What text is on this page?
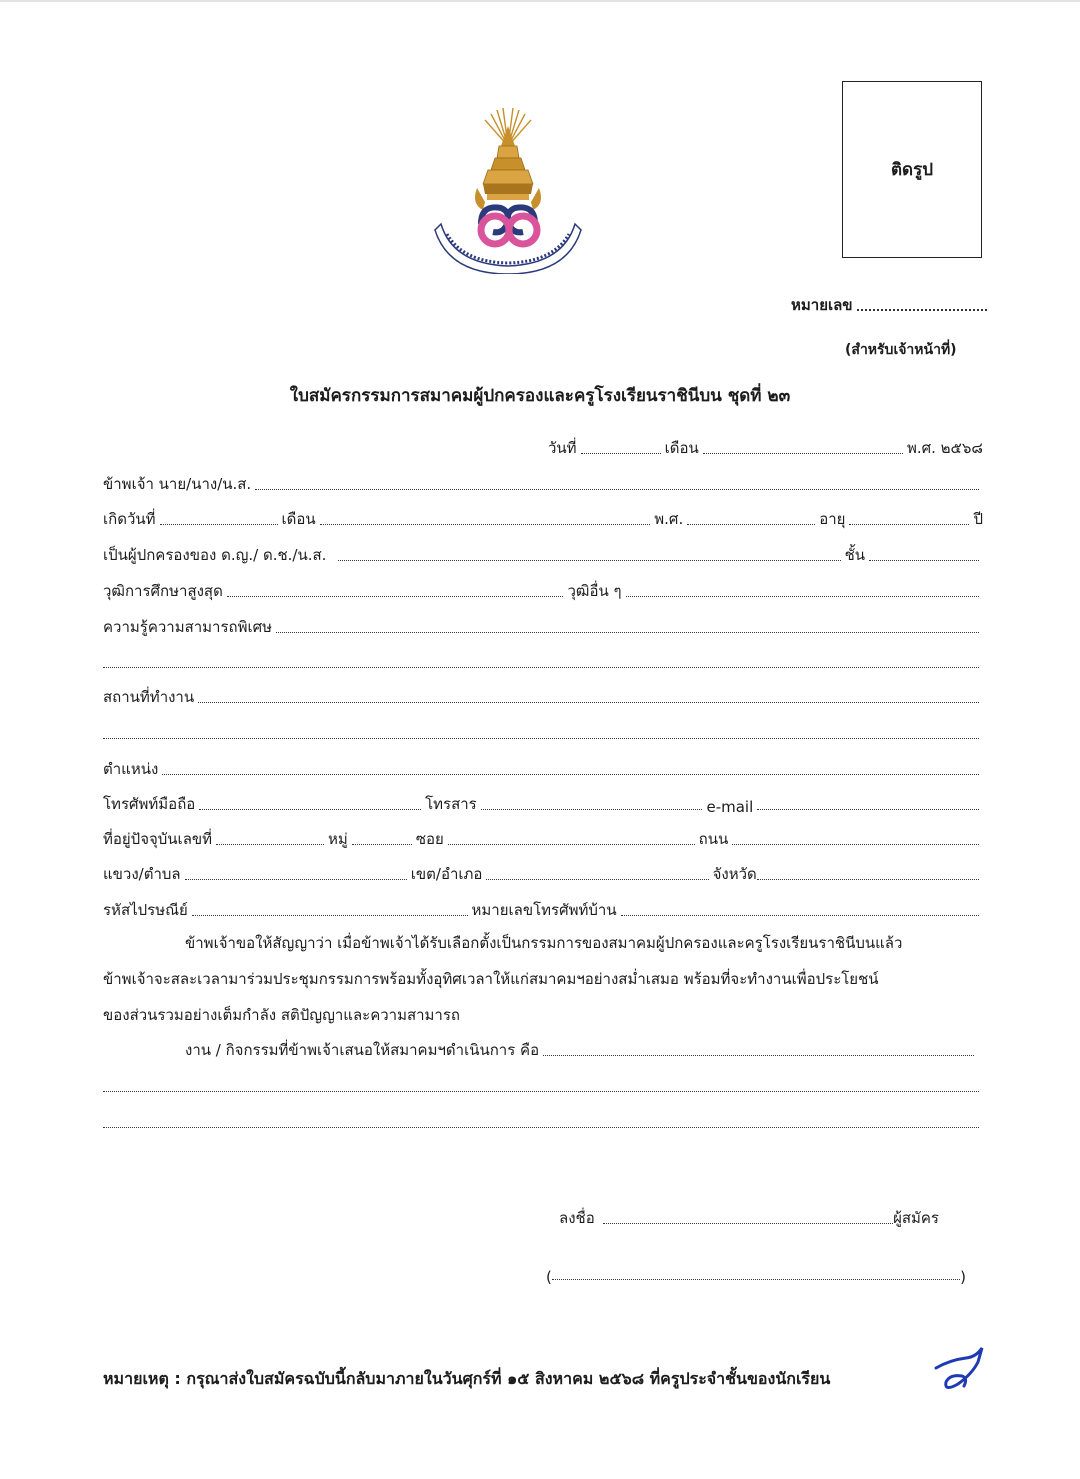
ติดรูป
หมายเลข
(สำหรับเจ้าหน้าที่)
ใบสมัครกรรมการสมาคมผู้ปกครองและครูโรงเรียนราชินีบน ชุดที่ ๒๓
วันที่	เดือน	พ.ศ. ๒๕๖๘
ข้าพเจ้า นาย/นาง/น.ส.
เกิดวันที่	เดือน	พ.ศ.	อายุ	ปี
เป็นผู้ปกครองของ ด.ญ./ ด.ช./น.ส.	ชั้น
วุฒิการศึกษาสูงสุด	วุฒิอื่น ๆ
ความรู้ความสามารถพิเศษ
สถานที่ทำงาน
ตำแหน่ง
โทรศัพท์มือถือ	โทรสาร	e-mail
ที่อยู่ปัจจุบันเลขที่	หมู่	ซอย	ถนน
แขวง/ตำบล	เขต/อำเภอ	จังหวัด
รหัสไปรษณีย์	หมายเลขโทรศัพท์บ้าน
ข้าพเจ้าขอให้สัญญาว่า เมื่อข้าพเจ้าได้รับเลือกตั้งเป็นกรรมการของสมาคมผู้ปกครองและครูโรงเรียนราชินีบนแล้ว
ข้าพเจ้าจะสละเวลามาร่วมประชุมกรรมการพร้อมทั้งอุทิศเวลาให้แก่สมาคมฯอย่างสม่ำเสมอ พร้อมที่จะทำงานเพื่อประโยชน์
ของส่วนรวมอย่างเต็มกำลัง สติปัญญาและความสามารถ
งาน / กิจกรรมที่ข้าพเจ้าเสนอให้สมาคมฯดำเนินการ คือ
ลงชื่อ	ผู้สมัคร
(	)
หมายเหตุ : กรุณาส่งใบสมัครฉบับนี้กลับมาภายในวันศุกร์ที่ ๑๕ สิงหาคม ๒๕๖๘ ที่ครูประจำชั้นของนักเรียน
